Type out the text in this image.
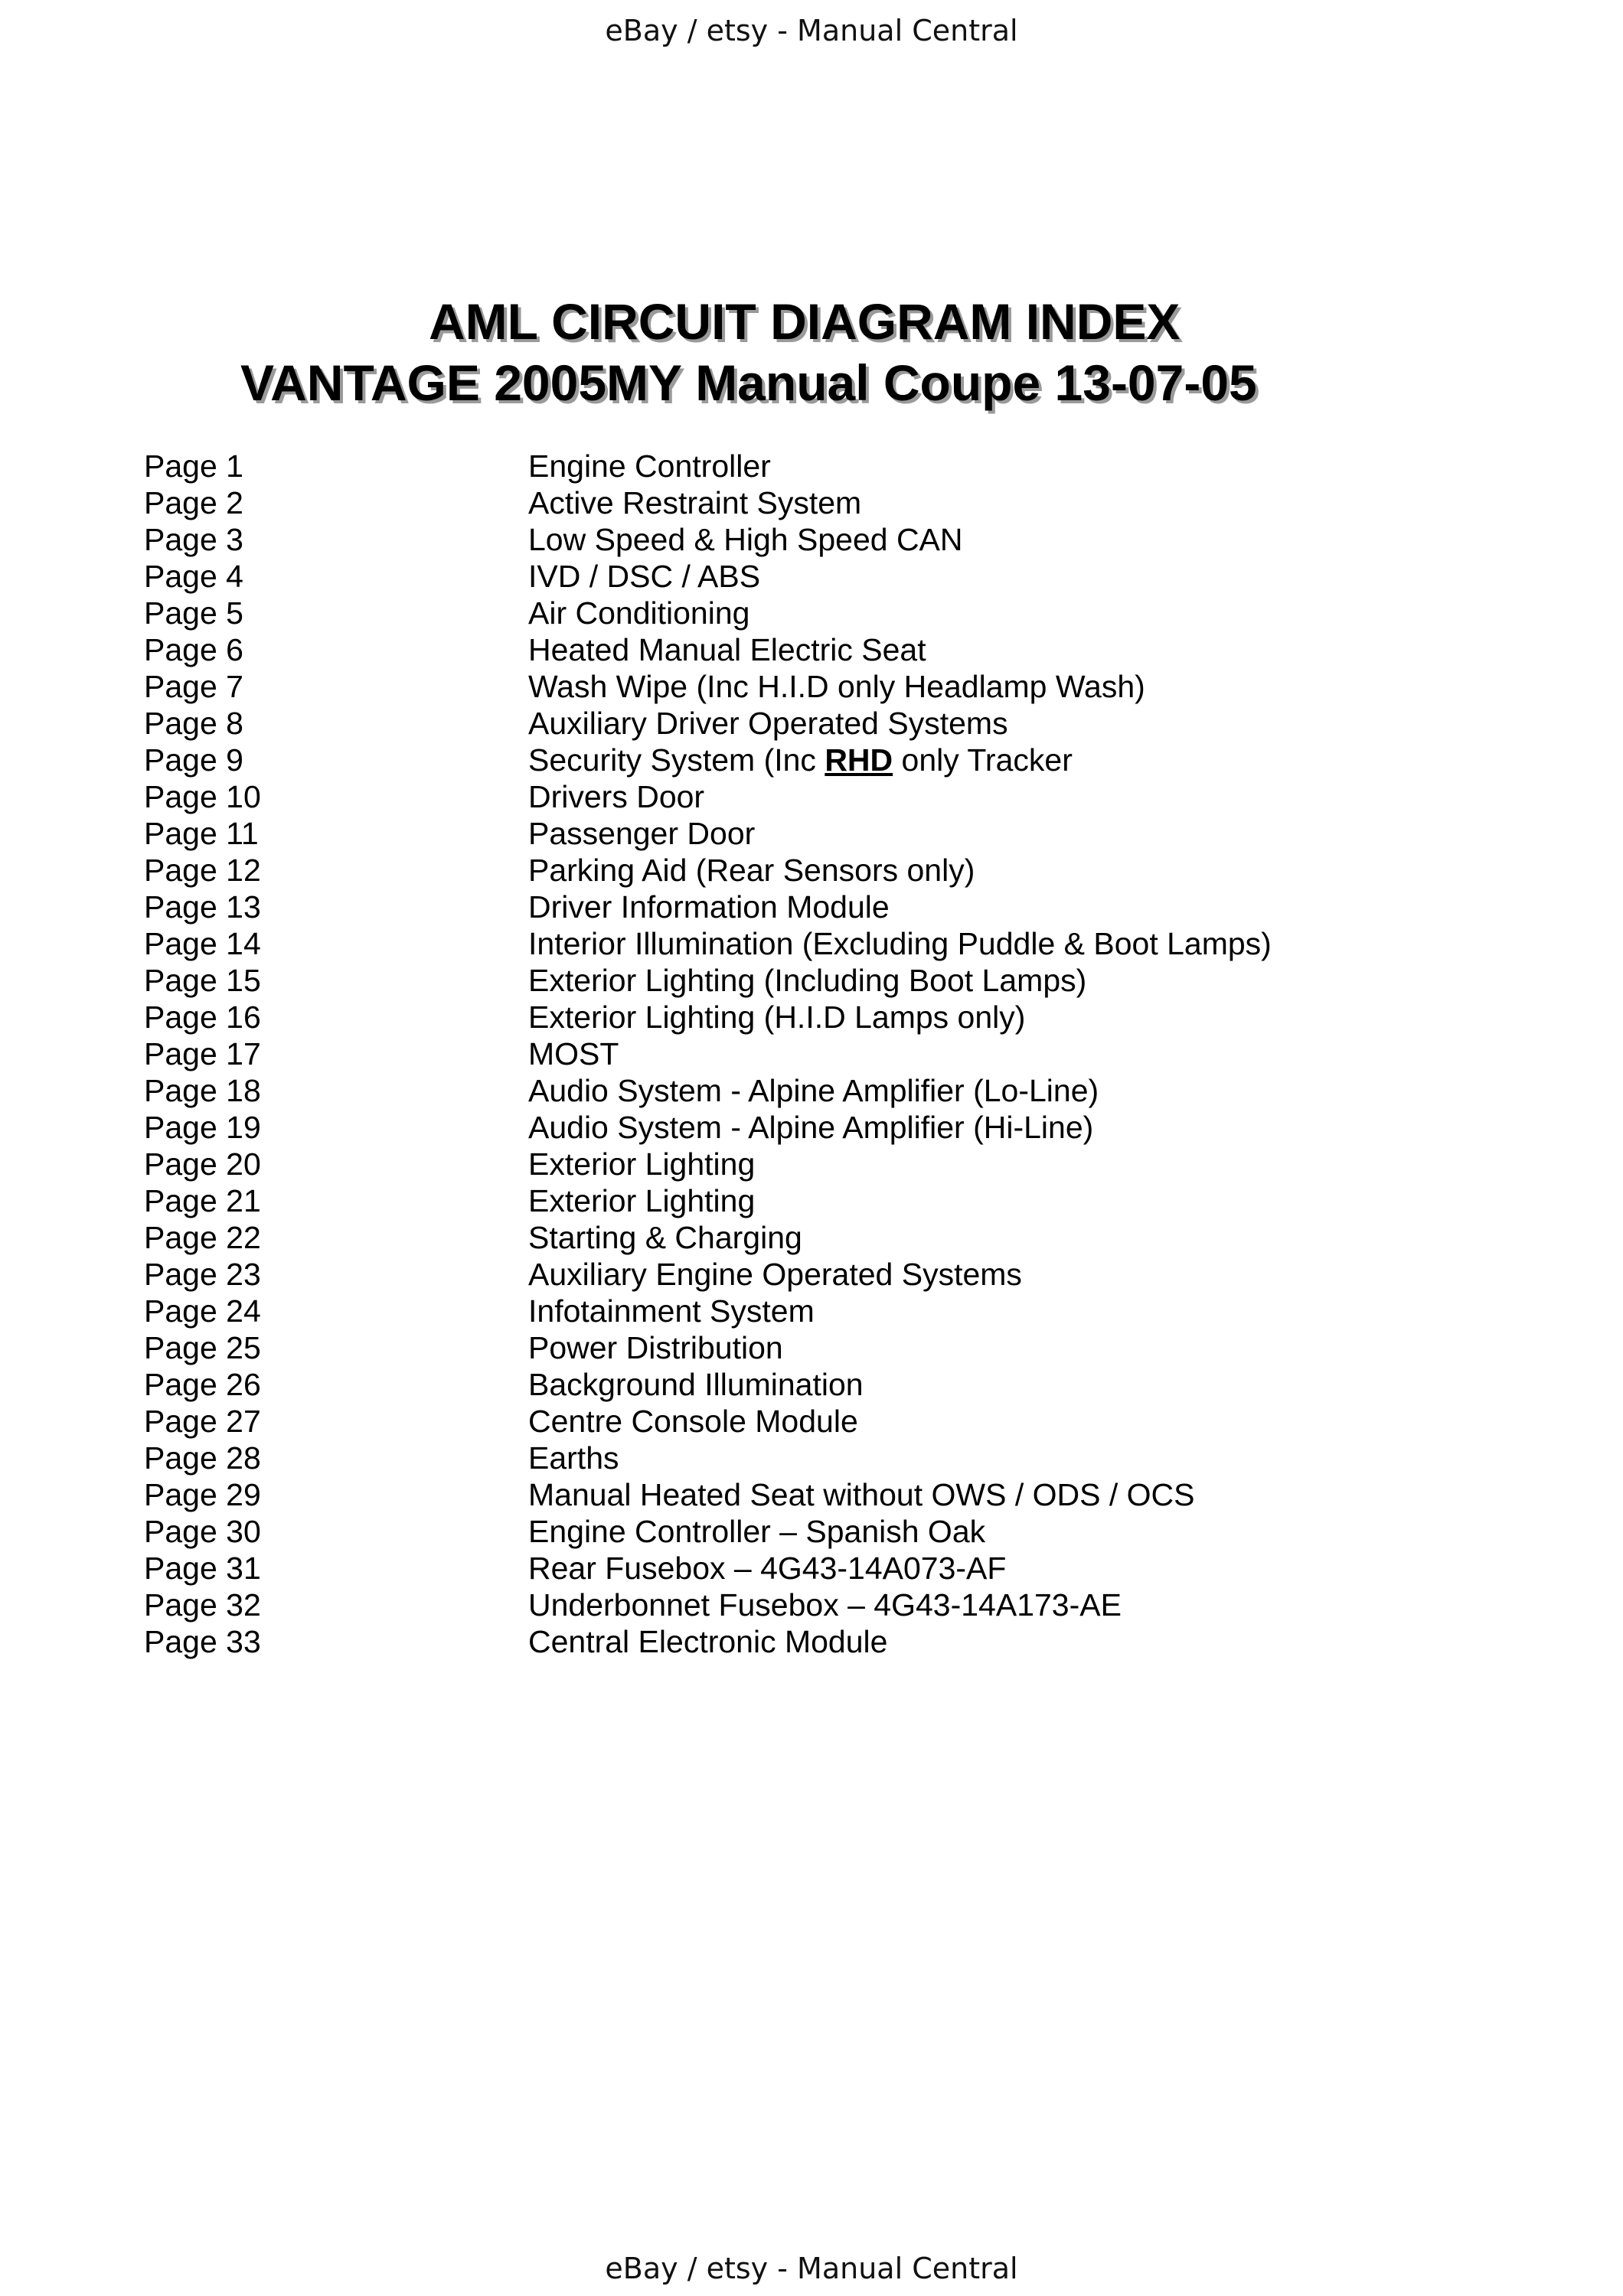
eBay / etsy - Manual Central
AML CIRCUIT DIAGRAM INDEX
VANTAGE 2005MY Manual Coupe 13-07-05
Page 1	Engine Controller
Page 2	Active Restraint System
Page 3	Low Speed & High Speed CAN
Page 4	IVD / DSC / ABS
Page 5	Air Conditioning
Page 6	Heated Manual Electric Seat
Page 7	Wash Wipe (Inc H.I.D only Headlamp Wash)
Page 8	Auxiliary Driver Operated Systems
Page 9	Security System (Inc RHD only Tracker
Page 10	Drivers Door
Page 11	Passenger Door
Page 12	Parking Aid (Rear Sensors only)
Page 13	Driver Information Module
Page 14	Interior Illumination (Excluding Puddle & Boot Lamps)
Page 15	Exterior Lighting (Including Boot Lamps)
Page 16	Exterior Lighting (H.I.D Lamps only)
Page 17	MOST
Page 18	Audio System - Alpine Amplifier (Lo-Line)
Page 19	Audio System - Alpine Amplifier (Hi-Line)
Page 20	Exterior Lighting
Page 21	Exterior Lighting
Page 22	Starting & Charging
Page 23	Auxiliary Engine Operated Systems
Page 24	Infotainment System
Page 25	Power Distribution
Page 26	Background Illumination
Page 27	Centre Console Module
Page 28	Earths
Page 29	Manual Heated Seat without OWS / ODS / OCS
Page 30	Engine Controller – Spanish Oak
Page 31	Rear Fusebox – 4G43-14A073-AF
Page 32	Underbonnet Fusebox – 4G43-14A173-AE
Page 33	Central Electronic Module
eBay / etsy - Manual Central
